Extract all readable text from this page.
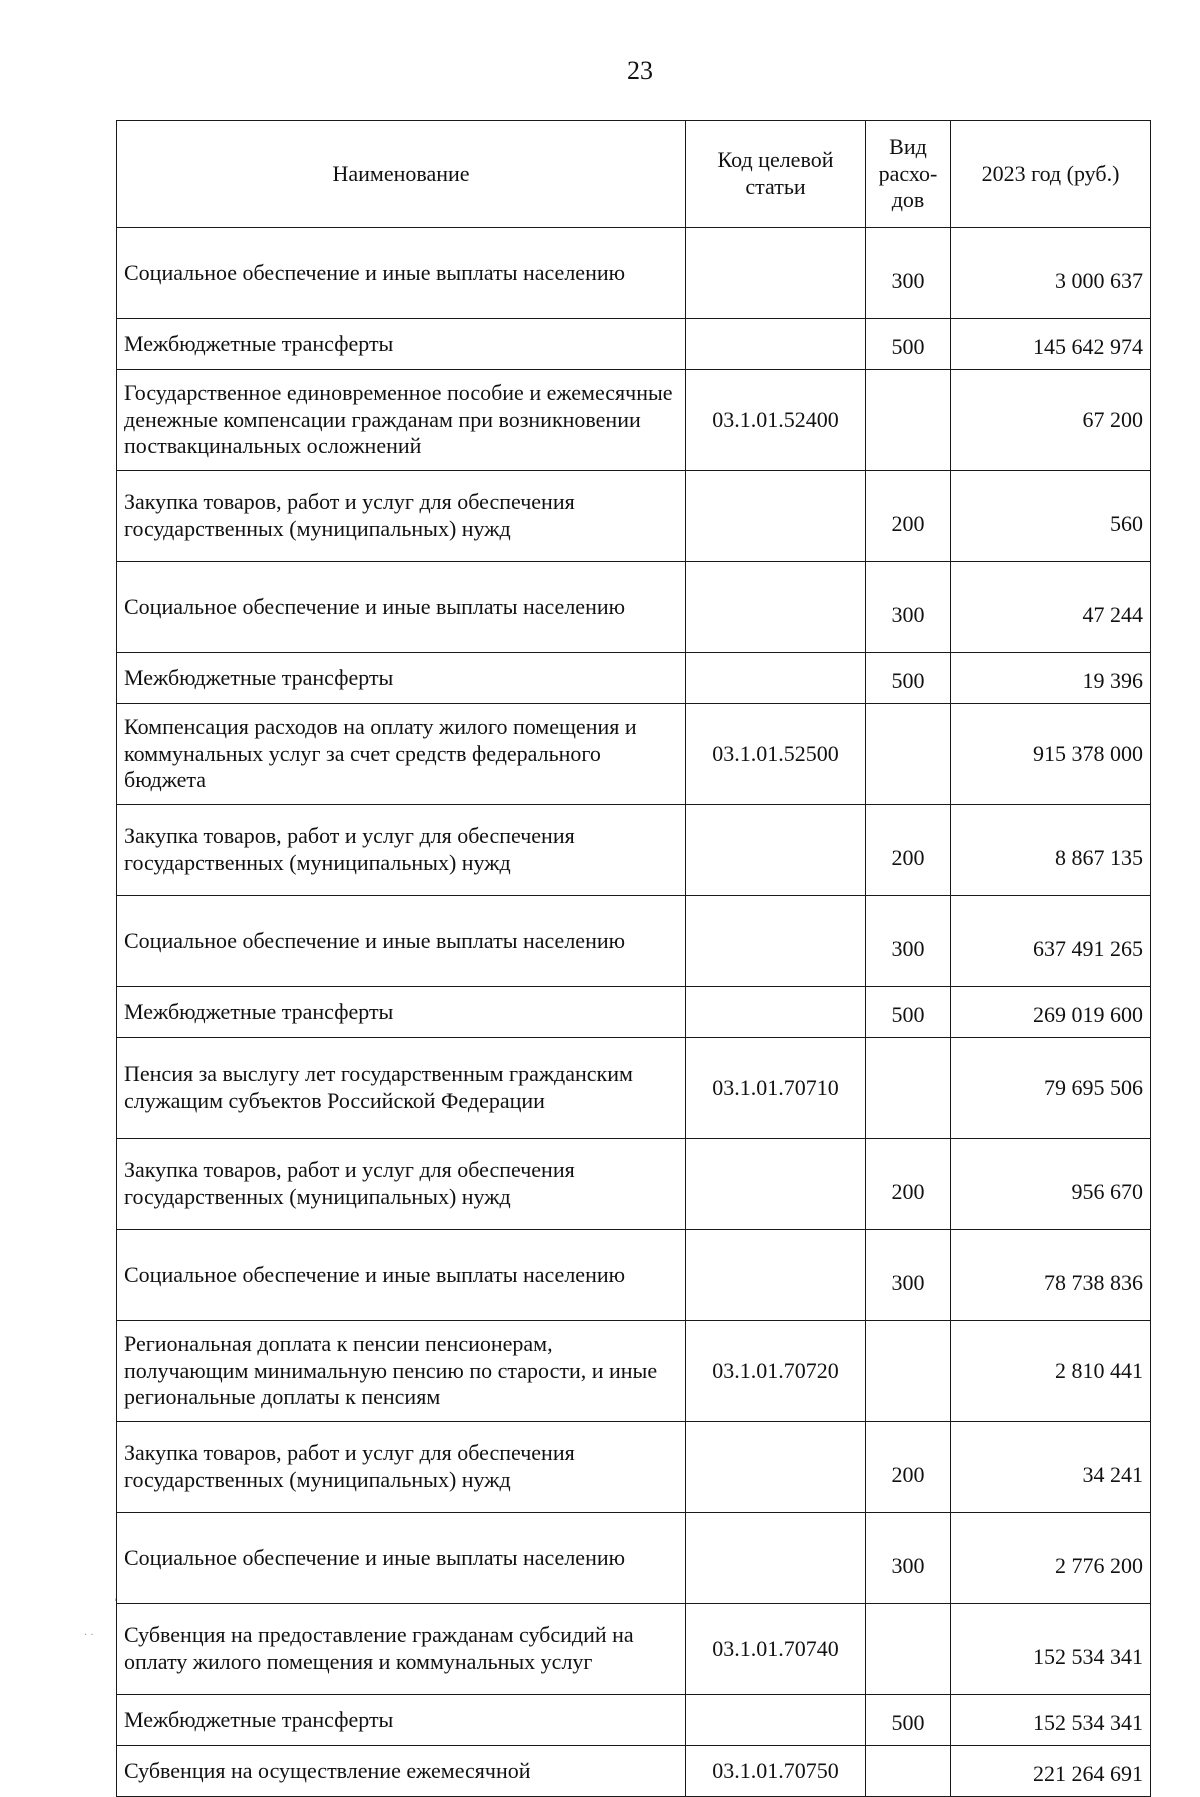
23
Наименование	Код целевой статьи	Вид расхо-дов	2023 год (руб.)
Социальное обеспечение и иные выплаты населению		300	3 000 637
Межбюджетные трансферты		500	145 642 974
Государственное единовременное пособие и ежемесячные денежные компенсации гражданам при возникновении поствакцинальных осложнений	03.1.01.52400		67 200
Закупка товаров, работ и услуг для обеспечения государственных (муниципальных) нужд		200	560
Социальное обеспечение и иные выплаты населению		300	47 244
Межбюджетные трансферты		500	19 396
Компенсация расходов на оплату жилого помещения и коммунальных услуг за счет средств федерального бюджета	03.1.01.52500		915 378 000
Закупка товаров, работ и услуг для обеспечения государственных (муниципальных) нужд		200	8 867 135
Социальное обеспечение и иные выплаты населению		300	637 491 265
Межбюджетные трансферты		500	269 019 600
Пенсия за выслугу лет государственным гражданским служащим субъектов Российской Федерации	03.1.01.70710		79 695 506
Закупка товаров, работ и услуг для обеспечения государственных (муниципальных) нужд		200	956 670
Социальное обеспечение и иные выплаты населению		300	78 738 836
Региональная доплата к пенсии пенсионерам, получающим минимальную пенсию по старости, и иные региональные доплаты к пенсиям	03.1.01.70720		2 810 441
Закупка товаров, работ и услуг для обеспечения государственных (муниципальных) нужд		200	34 241
Социальное обеспечение и иные выплаты населению		300	2 776 200
Субвенция на предоставление гражданам субсидий на оплату жилого помещения и коммунальных услуг	03.1.01.70740		152 534 341
Межбюджетные трансферты		500	152 534 341
Субвенция на осуществление ежемесячной	03.1.01.70750		221 264 691
ˈ
· ·
